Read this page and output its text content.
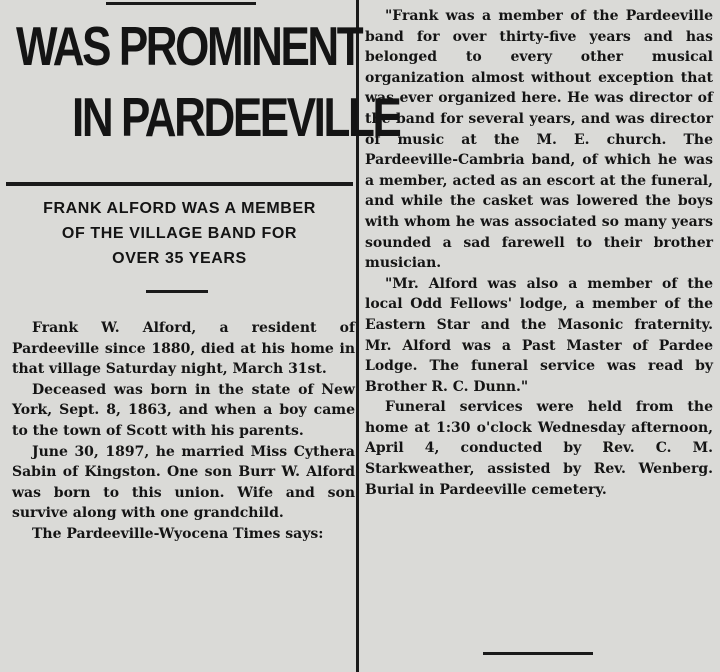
WAS PROMINENT
IN PARDEEVILLE
FRANK ALFORD WAS A MEMBER
OF THE VILLAGE BAND FOR
OVER 35 YEARS

Frank W. Alford, a resident of Pardeeville since 1880, died at his home in that village Saturday night, March 31st.

Deceased was born in the state of New York, Sept. 8, 1863, and when a boy came to the town of Scott with his parents.

June 30, 1897, he married Miss Cythera Sabin of Kingston. One son Burr W. Alford was born to this union. Wife and son survive along with one grandchild.

The Pardeeville-Wyocena Times says:

"Frank was a member of the Pardeeville band for over thirty-five years and has belonged to every other musical organization almost without exception that was ever organized here. He was director of the band for several years, and was director of music at the M. E. church. The Pardeeville-Cambria band, of which he was a member, acted as an escort at the funeral, and while the casket was lowered the boys with whom he was associated so many years sounded a sad farewell to their brother musician.

"Mr. Alford was also a member of the local Odd Fellows' lodge, a member of the Eastern Star and the Masonic fraternity. Mr. Alford was a Past Master of Pardee Lodge. The funeral service was read by Brother R. C. Dunn."

Funeral services were held from the home at 1:30 o'clock Wednesday afternoon, April 4, conducted by Rev. C. M. Starkweather, assisted by Rev. Wenberg. Burial in Pardeeville cemetery.
